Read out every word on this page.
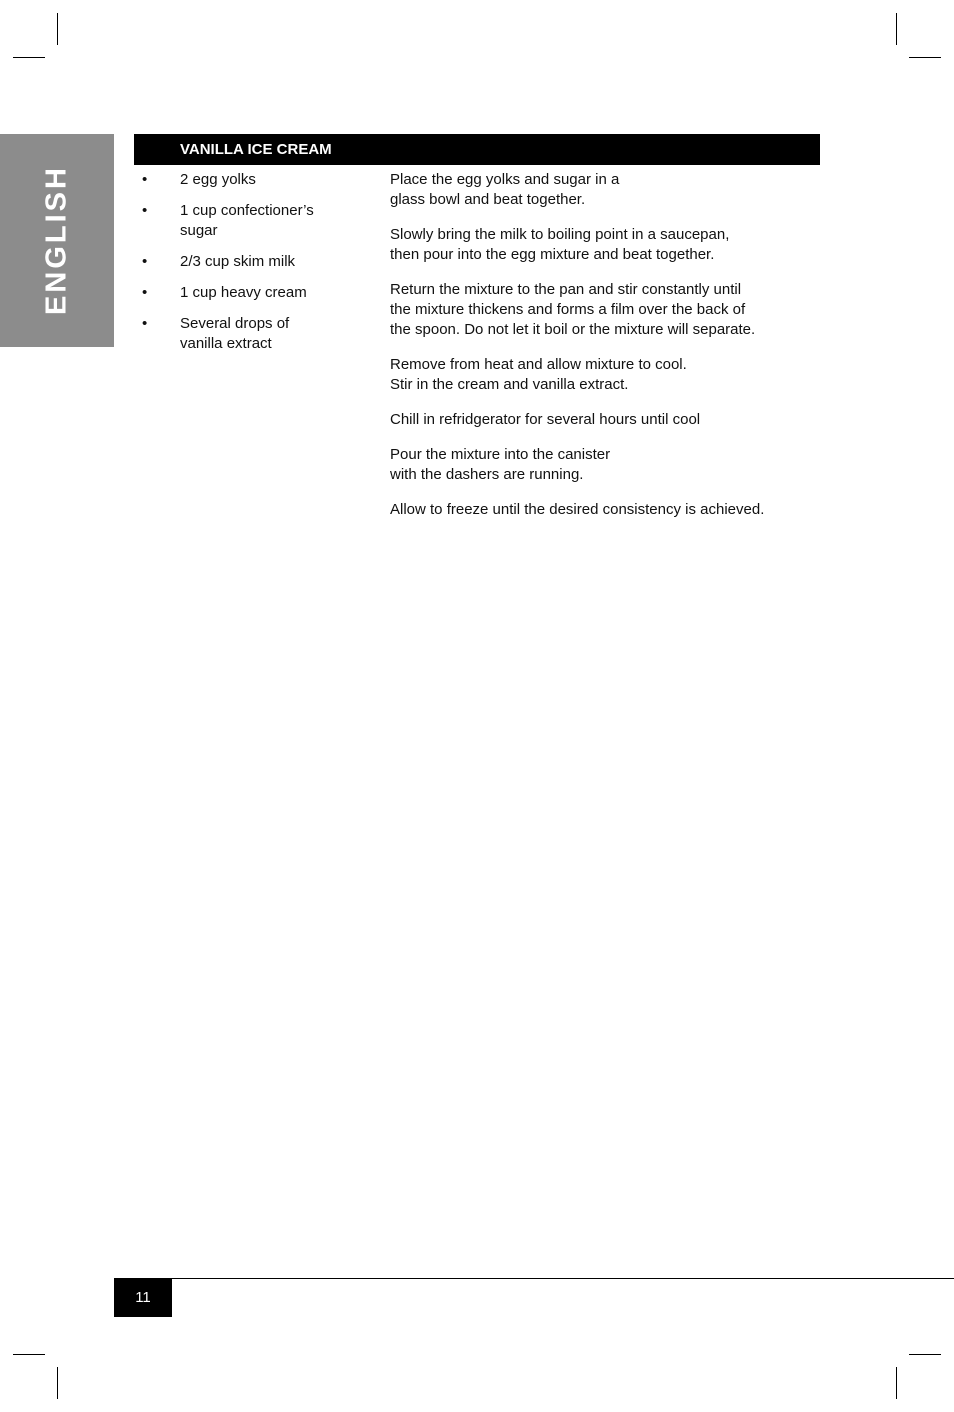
ENGLISH
VANILLA ICE CREAM
• 2 egg yolks
• 1 cup confectioner’s
sugar
• 2/3 cup skim milk
• 1 cup heavy cream
• Several drops of
vanilla extract

Place the egg yolks and sugar in a
glass bowl and beat together.

Slowly bring the milk to boiling point in a saucepan,
then pour into the egg mixture and beat together.

Return the mixture to the pan and stir constantly until
the mixture thickens and forms a film over the back of
the spoon. Do not let it boil or the mixture will separate.

Remove from heat and allow mixture to cool.
Stir in the cream and vanilla extract.

Chill in refridgerator for several hours until cool

Pour the mixture into the canister
with the dashers are running.

Allow to freeze until the desired consistency is achieved.

11
